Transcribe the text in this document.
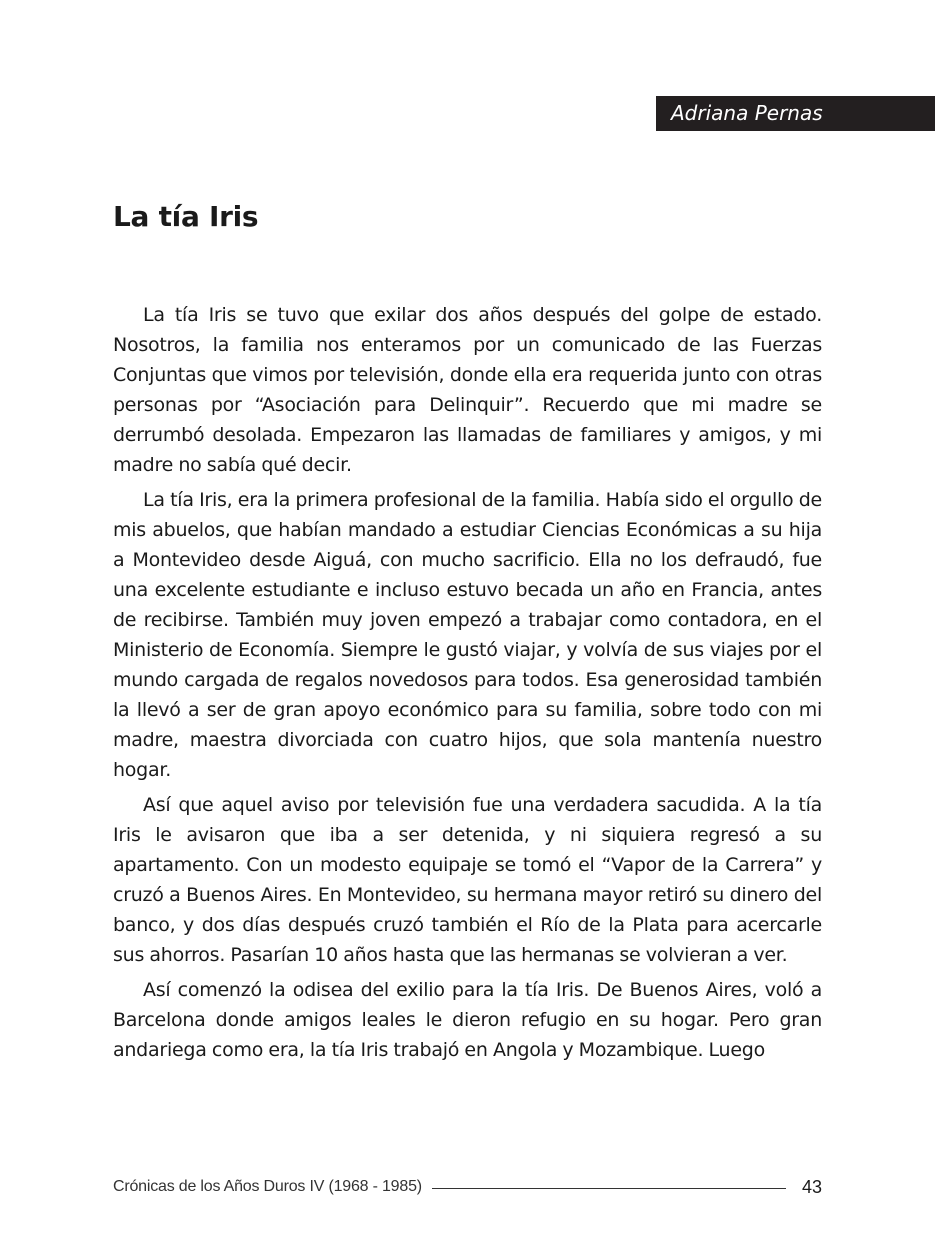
Adriana Pernas
La tía Iris

La tía Iris se tuvo que exilar dos años después del golpe de estado. Nosotros, la familia nos enteramos por un comunicado de las Fuerzas Conjuntas que vimos por televisión, donde ella era requerida junto con otras personas por “Asociación para Delinquir”. Recuerdo que mi madre se derrumbó desolada. Empezaron las llamadas de familiares y amigos, y mi madre no sabía qué decir.

La tía Iris, era la primera profesional de la familia. Había sido el orgullo de mis abuelos, que habían mandado a estudiar Ciencias Económicas a su hija a Montevideo desde Aiguá, con mucho sacrificio. Ella no los defraudó, fue una excelente estudiante e incluso estuvo becada un año en Francia, antes de recibirse. También muy joven empezó a trabajar como contadora, en el Ministerio de Economía. Siempre le gustó viajar, y volvía de sus viajes por el mundo cargada de regalos novedosos para todos. Esa generosidad también la llevó a ser de gran apoyo económico para su familia, sobre todo con mi madre, maestra divorciada con cuatro hijos, que sola mantenía nuestro hogar.

Así que aquel aviso por televisión fue una verdadera sacudida. A la tía Iris le avisaron que iba a ser detenida, y ni siquiera regresó a su apartamento. Con un modesto equipaje se tomó el “Vapor de la Carrera” y cruzó a Buenos Aires. En Montevideo, su hermana mayor retiró su dinero del banco, y dos días después cruzó también el Río de la Plata para acercarle sus ahorros. Pasarían 10 años hasta que las hermanas se volvieran a ver.

Así comenzó la odisea del exilio para la tía Iris. De Buenos Aires, voló a Barcelona donde amigos leales le dieron refugio en su hogar. Pero gran andariega como era, la tía Iris trabajó en Angola y Mozambique. Luego

Crónicas de los Años Duros IV (1968 - 1985)	43
